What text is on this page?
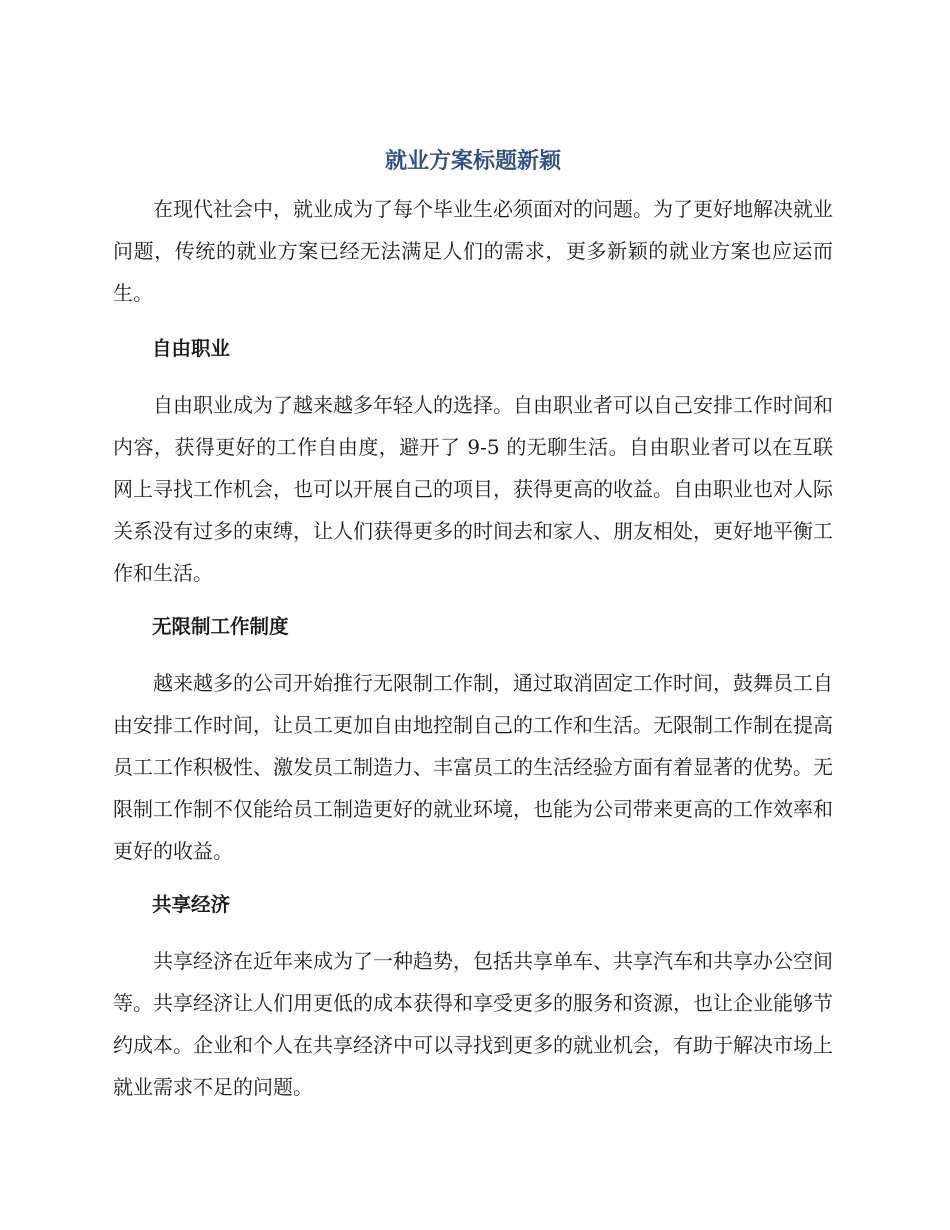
就业方案标题新颖

在现代社会中，就业成为了每个毕业生必须面对的问题。为了更好地解决就业问题，传统的就业方案已经无法满足人们的需求，更多新颖的就业方案也应运而生。

自由职业

自由职业成为了越来越多年轻人的选择。自由职业者可以自己安排工作时间和内容，获得更好的工作自由度，避开了 9-5 的无聊生活。自由职业者可以在互联网上寻找工作机会，也可以开展自己的项目，获得更高的收益。自由职业也对人际关系没有过多的束缚，让人们获得更多的时间去和家人、朋友相处，更好地平衡工作和生活。

无限制工作制度

越来越多的公司开始推行无限制工作制，通过取消固定工作时间，鼓舞员工自由安排工作时间，让员工更加自由地控制自己的工作和生活。无限制工作制在提高员工工作积极性、激发员工制造力、丰富员工的生活经验方面有着显著的优势。无限制工作制不仅能给员工制造更好的就业环境，也能为公司带来更高的工作效率和更好的收益。

共享经济

共享经济在近年来成为了一种趋势，包括共享单车、共享汽车和共享办公空间等。共享经济让人们用更低的成本获得和享受更多的服务和资源，也让企业能够节约成本。企业和个人在共享经济中可以寻找到更多的就业机会，有助于解决市场上就业需求不足的问题。
